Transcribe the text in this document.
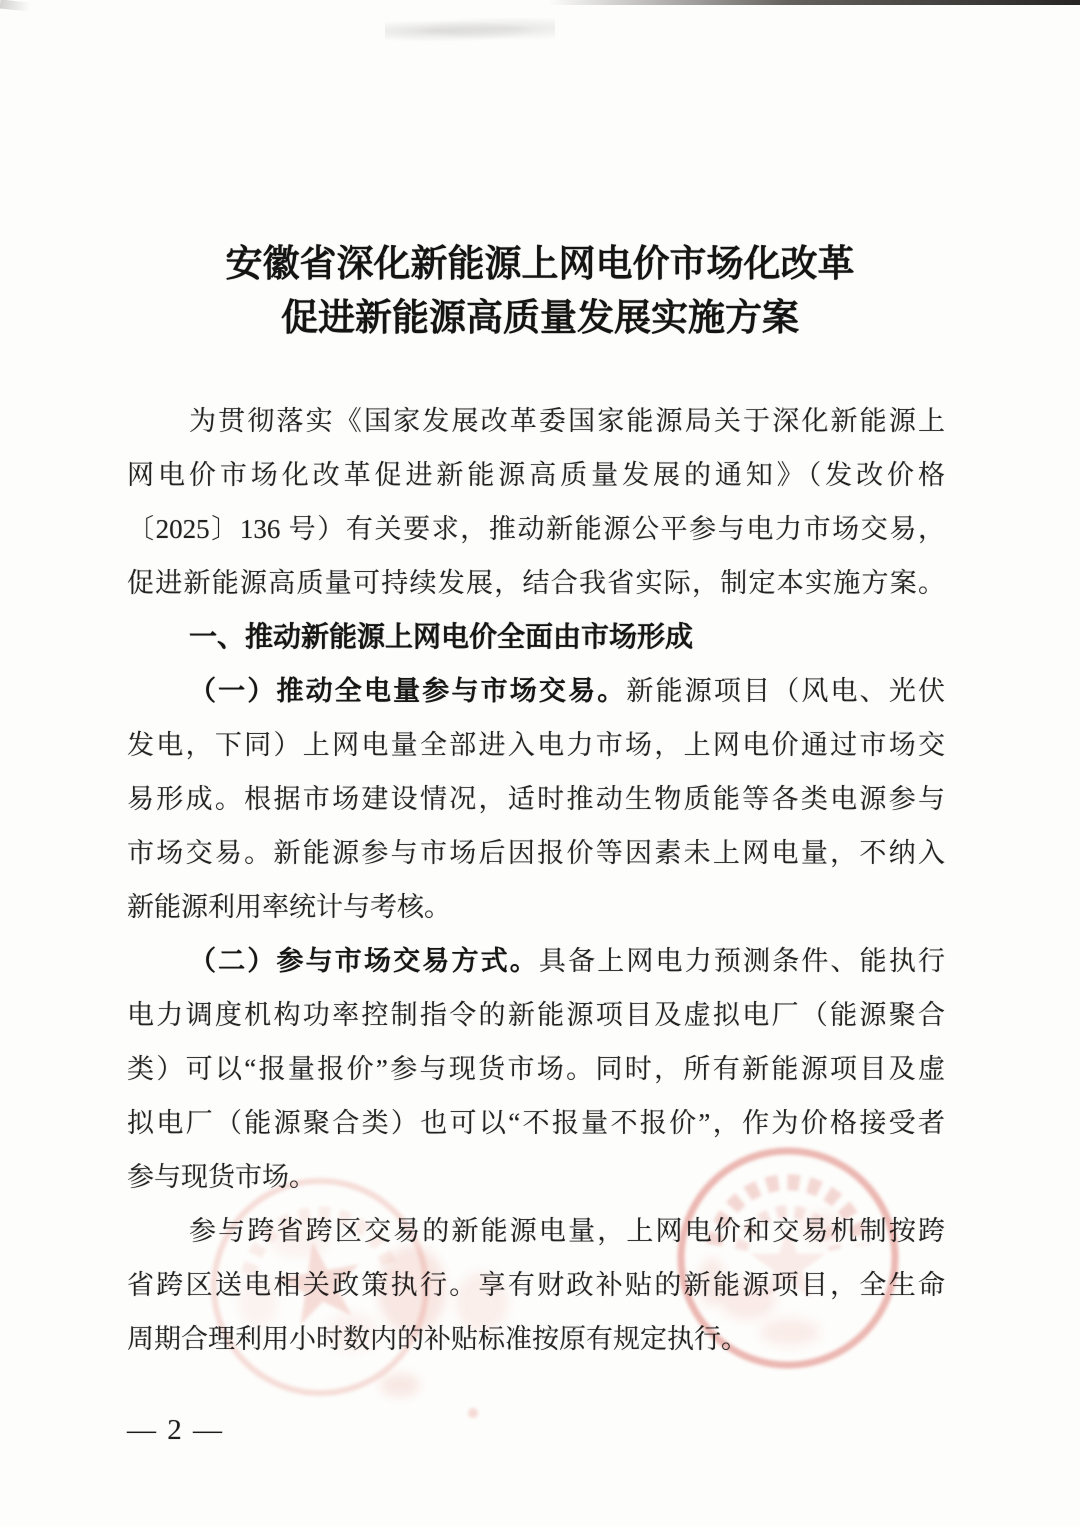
安徽省深化新能源上网电价市场化改革
促进新能源高质量发展实施方案
为贯彻落实《国家发展改革委国家能源局关于深化新能源上
网电价市场化改革促进新能源高质量发展的通知》（发改价格
〔2025〕136 号）有关要求，推动新能源公平参与电力市场交易，
促进新能源高质量可持续发展，结合我省实际，制定本实施方案。
一、推动新能源上网电价全面由市场形成
（一）推动全电量参与市场交易。新能源项目（风电、光伏
发电，下同）上网电量全部进入电力市场，上网电价通过市场交
易形成。根据市场建设情况，适时推动生物质能等各类电源参与
市场交易。新能源参与市场后因报价等因素未上网电量，不纳入
新能源利用率统计与考核。
（二）参与市场交易方式。具备上网电力预测条件、能执行
电力调度机构功率控制指令的新能源项目及虚拟电厂（能源聚合
类）可以“报量报价”参与现货市场。同时，所有新能源项目及虚
拟电厂（能源聚合类）也可以“不报量不报价”，作为价格接受者
参与现货市场。
参与跨省跨区交易的新能源电量，上网电价和交易机制按跨
省跨区送电相关政策执行。享有财政补贴的新能源项目，全生命
周期合理利用小时数内的补贴标准按原有规定执行。
— 2 —
